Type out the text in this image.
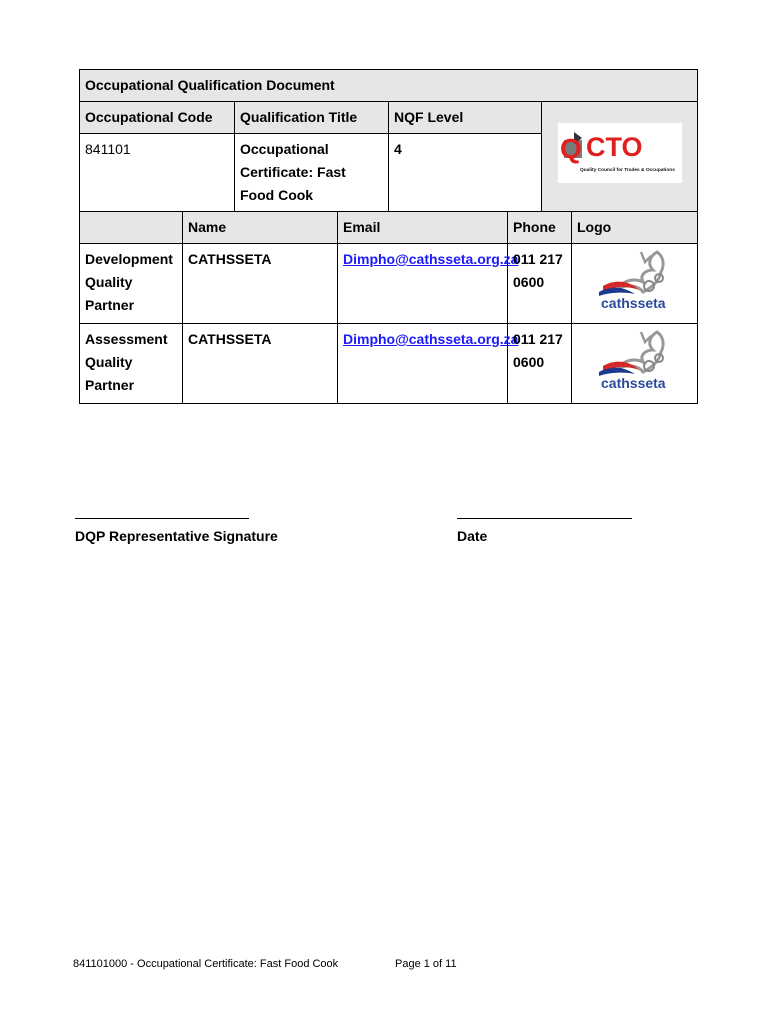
Occupational Qualification Document							
Occupational Code		Qualification Title		NQF Level		Q CTO
Quality Council for Trades & Occupations	

841101		Occupational Certificate: Fast Food Cook		4			
	Name		Email		Phone		Logo
Development Quality Partner	CATHSSETA		Dimpho@cathsseta.org.za		011 217 0600		cathsseta

Assessment Quality Partner	CATHSSETA		Dimpho@cathsseta.org.za		011 217 0600		cathsseta
DQP Representative Signature	Date
841101000 - Occupational Certificate: Fast Food Cook	Page 1 of 11
